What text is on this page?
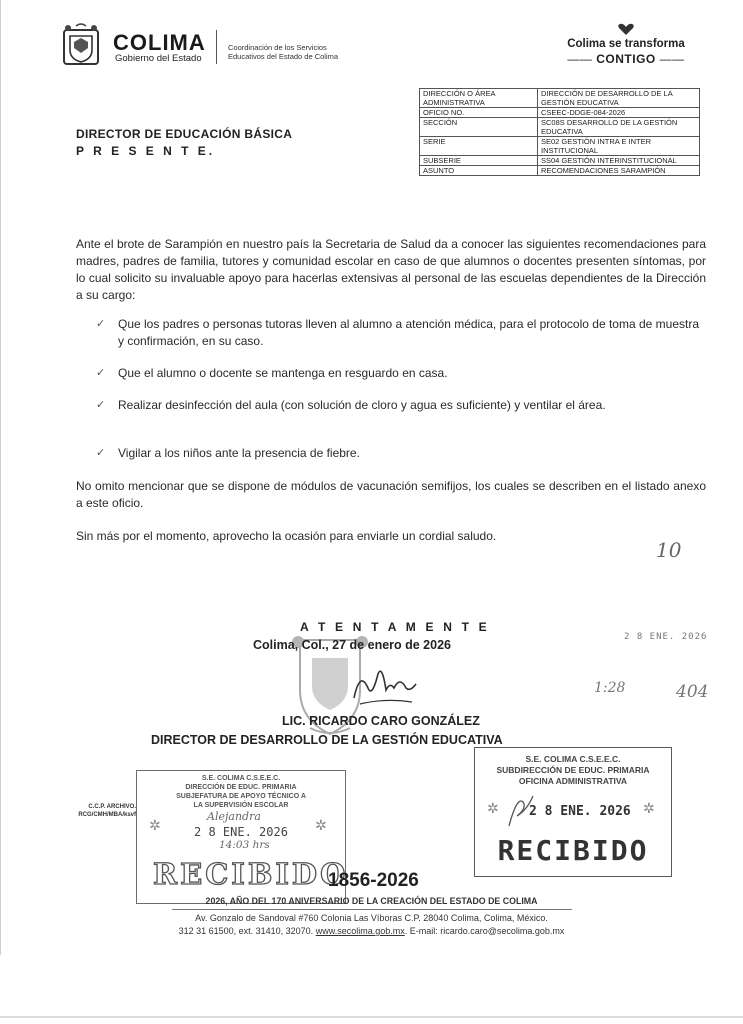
COLIMA
Gobierno del Estado
Coordinación de los Servicios
Educativos del Estado de Colima
Colima se transforma
—— CONTIGO ——
DIRECCIÓN O ÁREA ADMINISTRATIVA	DIRECCIÓN DE DESARROLLO DE LA GESTIÓN EDUCATIVA
OFICIO NO.	CSEEC-DDGE-084-2026
SECCIÓN	SC08S DESARROLLO DE LA GESTIÓN EDUCATIVA
SERIE	SE02 GESTIÓN INTRA E INTER INSTITUCIONAL
SUBSERIE	SS04 GESTIÓN INTERINSTITUCIONAL
ASUNTO	RECOMENDACIONES SARAMPIÓN
DIRECTOR DE EDUCACIÓN BÁSICA
P R E S E N T E.
Ante el brote de Sarampión en nuestro país la Secretaria de Salud da a conocer las siguientes recomendaciones para madres, padres de familia, tutores y comunidad escolar en caso de que alumnos o docentes presenten síntomas, por lo cual solicito su invaluable apoyo para hacerlas extensivas al personal de las escuelas dependientes de la Dirección a su cargo:
✓ Que los padres o personas tutoras lleven al alumno a atención médica, para el protocolo de toma de muestra y confirmación, en su caso.
✓ Que el alumno o docente se mantenga en resguardo en casa.
✓ Realizar desinfección del aula (con solución de cloro y agua es suficiente) y ventilar el área.
✓ Vigilar a los niños ante la presencia de fiebre.
No omito mencionar que se dispone de módulos de vacunación semifijos, los cuales se describen en el listado anexo a este oficio.
Sin más por el momento, aprovecho la ocasión para enviarle un cordial saludo.
10
A T E N T A M E N T E
Colima, Col., 27 de enero de 2026
2 8 ENE. 2026
1:28	404
LIC. RICARDO CARO GONZÁLEZ
DIRECTOR DE DESARROLLO DE LA GESTIÓN EDUCATIVA
C.C.P. ARCHIVO.
RCG/CMH/MBA/ksvf
S.E. COLIMA C.S.E.E.C.
DIRECCIÓN DE EDUC. PRIMARIA
SUBJEFATURA DE APOYO TÉCNICO A
LA SUPERVISIÓN ESCOLAR
Alejandra
2 8 ENE. 2026
14:03 hrs
✲	✲
RECIBIDO
S.E. COLIMA C.S.E.E.C.
SUBDIRECCIÓN DE EDUC. PRIMARIA
OFICINA ADMINISTRATIVA
✲	✲
2 8 ENE. 2026
RECIBIDO
1856-2026
2026, AÑO DEL 170 ANIVERSARIO DE LA CREACIÓN DEL ESTADO DE COLIMA
Av. Gonzalo de Sandoval #760 Colonia Las Víboras C.P. 28040 Colima, Colima, México.
312 31 61500, ext. 31410, 32070. www.secolima.gob.mx. E-mail: ricardo.caro@secolima.gob.mx
